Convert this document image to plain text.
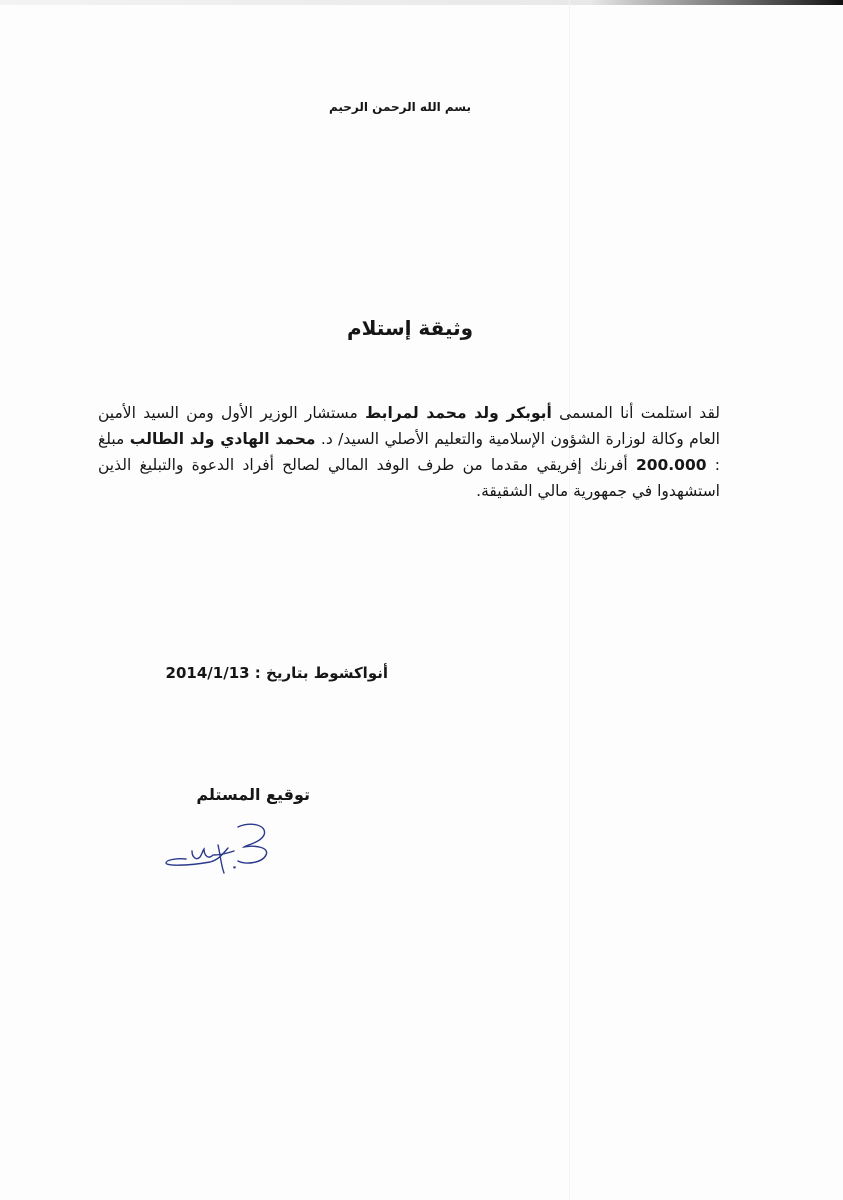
بسم الله الرحمن الرحيم
وثيقة إستلام

لقد استلمت أنا المسمى أبوبكر ولد محمد لمرابط مستشار الوزير الأول ومن السيد الأمين العام وكالة لوزارة الشؤون الإسلامية والتعليم الأصلي السيد/ د. محمد الهادي ولد الطالب مبلغ : 200.000 أفرنك إفريقي مقدما من طرف الوفد المالي لصالح أفراد الدعوة والتبليغ الذين استشهدوا في جمهورية مالي الشقيقة.

أنواكشوط بتاريخ : 2014/1/13
توقيع المستلم
